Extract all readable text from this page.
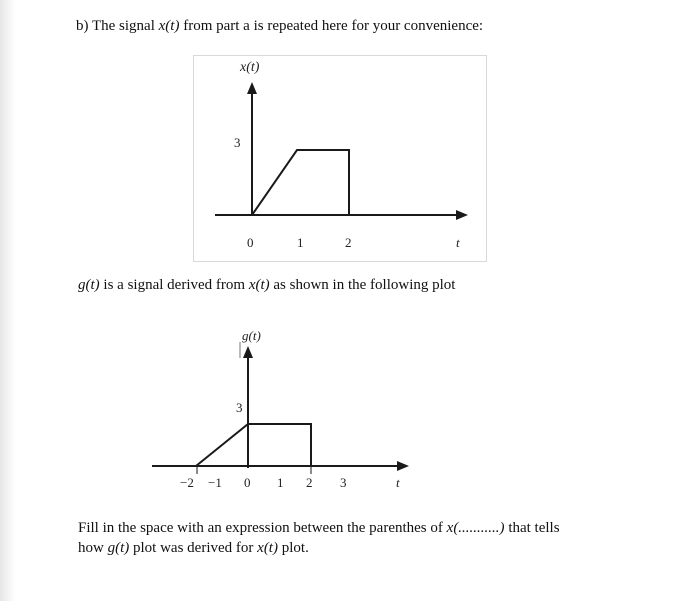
b) The signal x(t) from part a is repeated here for your convenience:
x(t)
3
0	1	2	t
g(t) is a signal derived from x(t) as shown in the following plot
g(t)
3
−2 −1 0 1 2 3	t
Fill in the space with an expression between the parenthes of x(...........) that tells
how g(t) plot was derived for x(t) plot.
